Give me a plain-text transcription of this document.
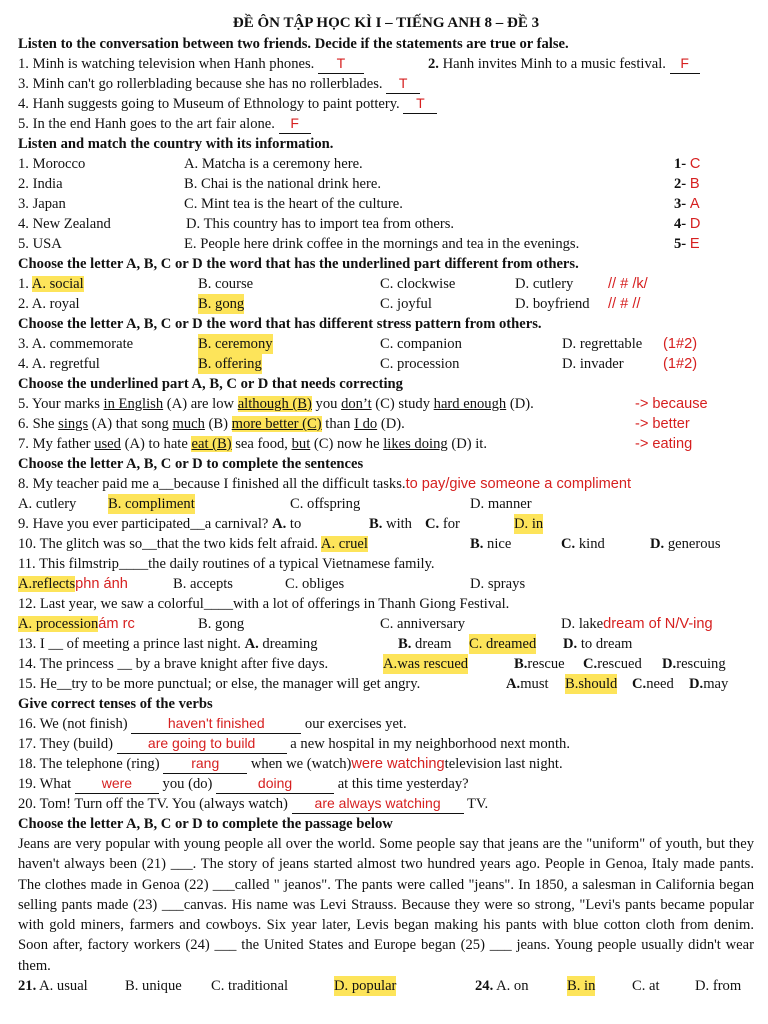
ĐỀ ÔN TẬP HỌC KÌ I – TIẾNG ANH 8 – ĐỀ 3
Listen to the conversation between two friends. Decide if the statements are true or false.
1. Minh is watching television when Hanh phones. T	2. Hanh invites Minh to a music festival. F
3. Minh can't go rollerblading because she has no rollerblades. T
4. Hanh suggests going to Museum of Ethnology to paint pottery. T
5. In the end Hanh goes to the art fair alone. F
Listen and match the country with its information.
1. Morocco	A. Matcha is a ceremony here.	1- C
2. India	B. Chai is the national drink here.	2- B
3. Japan	C. Mint tea is the heart of the culture.	3- A
4. New Zealand	D. This country has to import tea from others.	4- D
5. USA	E. People here drink coffee in the mornings and tea in the evenings.	5- E
Choose the letter A, B, C or D the word that has the underlined part different from others.
1. A. social	B. course	C. clockwise	D. cutlery // # /k/
2. A. royal	B. gong	C. joyful	D. boyfriend // # //
Choose the letter A, B, C or D the word that has different stress pattern from others.
3. A. commemorate	B. ceremony	C. companion	D. regrettable (1#2)
4. A. regretful	B. offering	C. procession	D. invader	(1#2)
Choose the underlined part A, B, C or D that needs correcting
5. Your marks in English (A) are low although (B) you don’t (C) study hard enough (D).	-> because
6. She sings (A) that song much (B) more better (C) than I do (D).	-> better
7. My father used (A) to hate eat (B) sea food, but (C) now he likes doing (D) it.	-> eating
Choose the letter A, B, C or D to complete the sentences
8. My teacher paid me a__because I finished all the difficult tasks.to pay/give someone a compliment
A. cutlery B. compliment	C. offspring	D. manner
9. Have you ever participated__a carnival? A. to	B. with C. for	D. in
10. The glitch was so__that the two kids felt afraid. A. cruel	B. nice	C. kind	D. generous
11. This filmstrip____the daily routines of a typical Vietnamese family.
A.reflectsphn ánh	B. accepts	C. obliges	D. sprays
12. Last year, we saw a colorful____with a lot of offerings in Thanh Giong Festival.
A. processionám rc	B. gong	C. anniversary	D. lakedream of N/V-ing
13. I __ of meeting a prince last night. A. dreaming	B. dream C. dreamed D. to dream
14. The princess __ by a brave knight after five days.	A.was rescued	B.rescue C.rescued D.rescuing
15. He__try to be more punctual; or else, the manager will get angry.	A.must B.should C.need D.may
Give correct tenses of the verbs
16. We (not finish)	haven't finished	our exercises yet.
17. They (build) are going to build a new hospital in my neighborhood next month.
18. The telephone (ring) rang when we (watch)were watchingtelevision last night.
19. What were you (do)	doing	at this time yesterday?
20. Tom! Turn off the TV. You (always watch) are always watching TV.
Choose the letter A, B, C or D to complete the passage below
Jeans are very popular with young people all over the world. Some people say that jeans are the "uniform" of youth, but they haven't always been (21) ___. The story of jeans started almost two hundred years ago. People in Genoa, Italy made pants. The clothes made in Genoa (22) ___called " jeanos". The pants were called "jeans". In 1850, a salesman in California began selling pants made (23) ___canvas. His name was Levi Strauss. Because they were so strong, "Levi's pants became popular with gold miners, farmers and cowboys. Six year later, Levis began making his pants with blue cotton cloth from denim. Soon after, factory workers (24) ___ the United States and Europe began (25) ___ jeans. Young people usually didn't wear them.
21. A. usual	B. unique C. traditional	D. popular	24. A. on	B. in	C. at D. from
